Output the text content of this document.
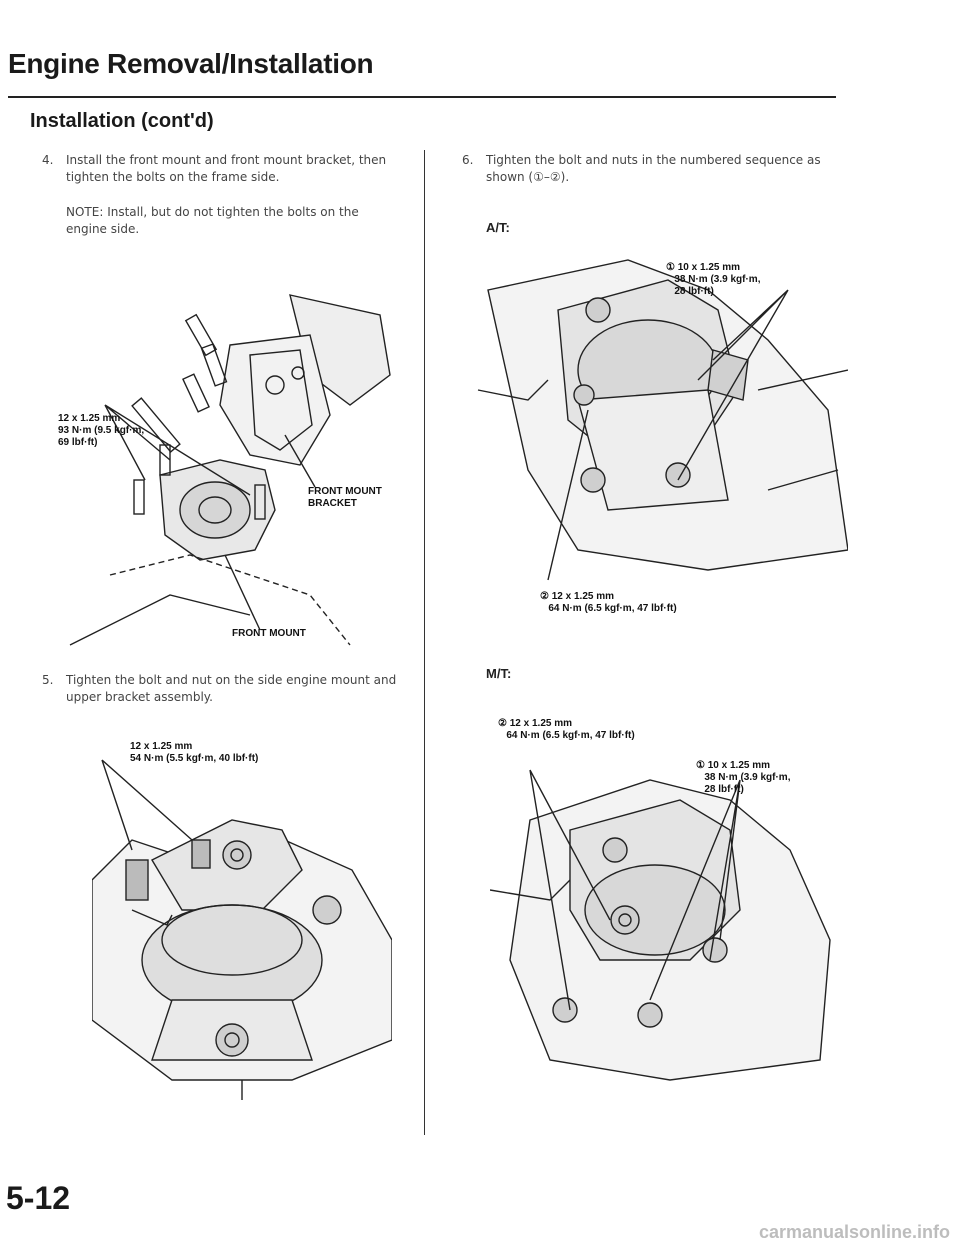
Engine Removal/Installation
Installation (cont'd)
4. Install the front mount and front mount bracket, then tighten the bolts on the frame side.
NOTE: Install, but do not tighten the bolts on the engine side.
12 x 1.25 mm
93 N·m (9.5 kgf·m,
69 lbf·ft)
FRONT MOUNT
BRACKET
FRONT MOUNT
5. Tighten the bolt and nut on the side engine mount and upper bracket assembly.
12 x 1.25 mm
54 N·m (5.5 kgf·m, 40 lbf·ft)
6. Tighten the bolt and nuts in the numbered sequence as shown (①–②).
A/T:
① 10 x 1.25 mm
38 N·m (3.9 kgf·m,
28 lbf·ft)
② 12 x 1.25 mm
64 N·m (6.5 kgf·m, 47 lbf·ft)
M/T:
② 12 x 1.25 mm
64 N·m (6.5 kgf·m, 47 lbf·ft)
① 10 x 1.25 mm
38 N·m (3.9 kgf·m,
28 lbf·ft)
5-12
carmanualsonline.info
